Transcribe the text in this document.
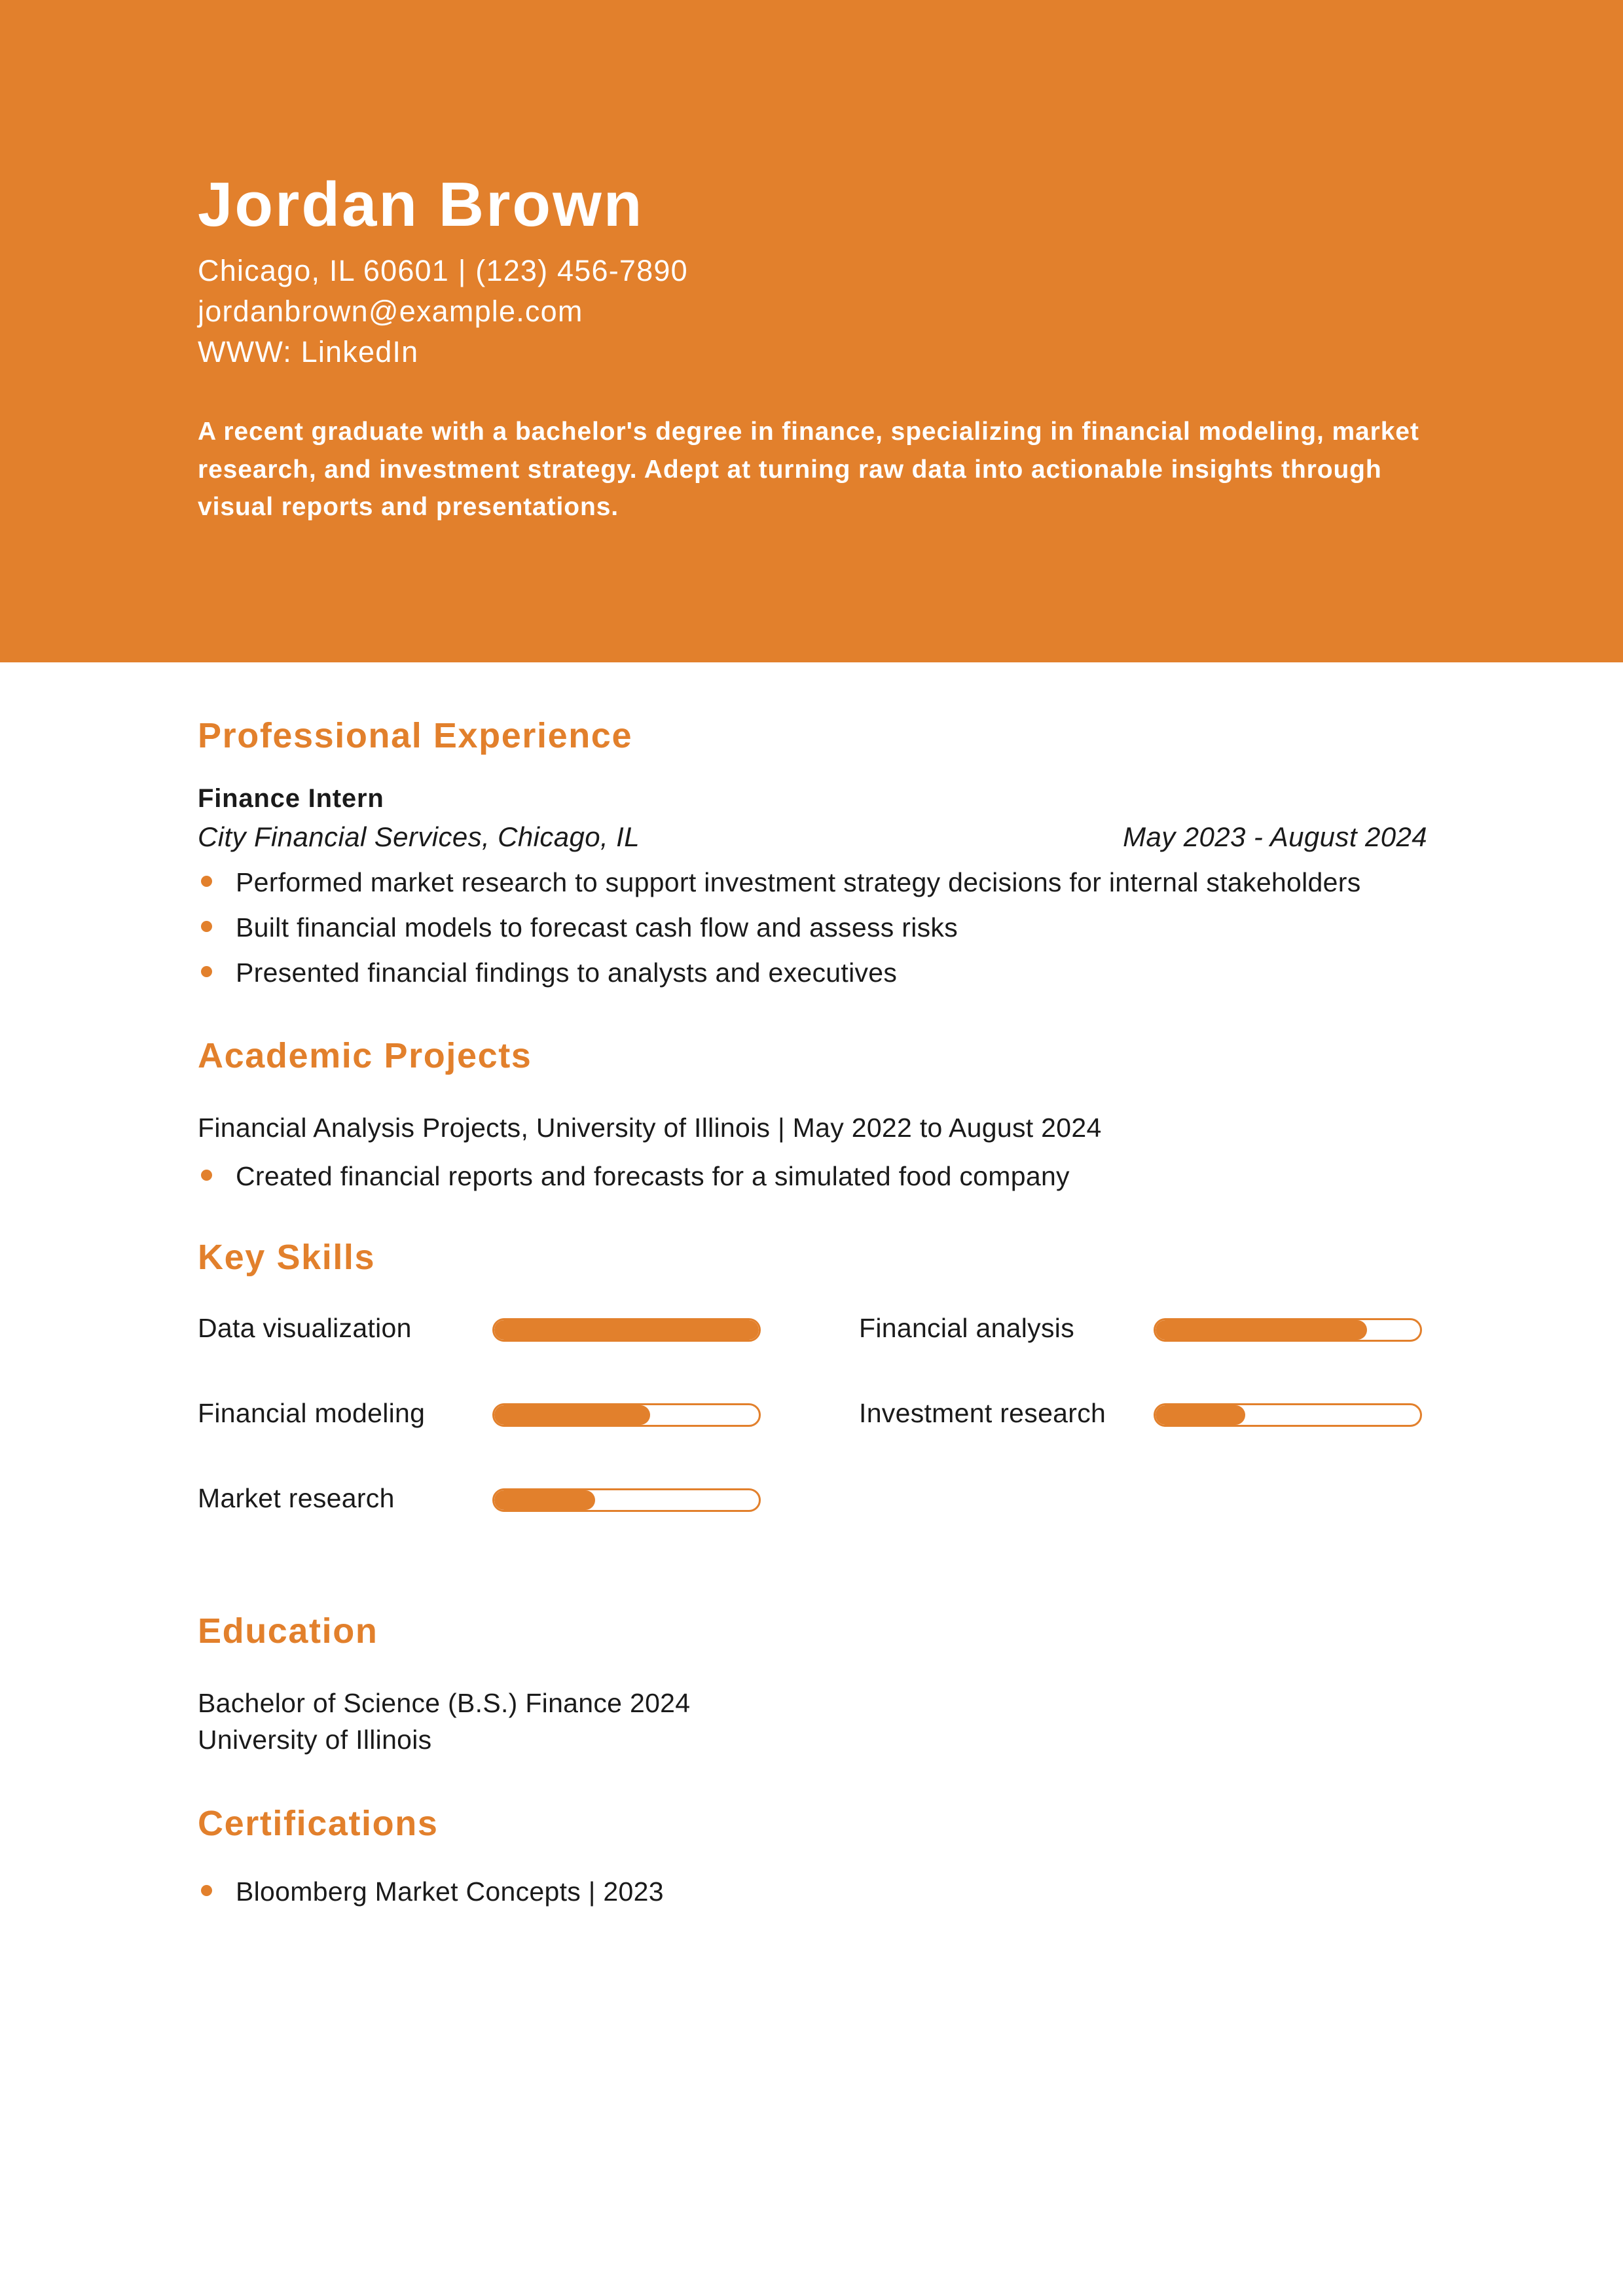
Jordan Brown
Chicago, IL 60601 | (123) 456-7890
jordanbrown@example.com
WWW: LinkedIn
A recent graduate with a bachelor's degree in finance, specializing in financial modeling, market research, and investment strategy. Adept at turning raw data into actionable insights through visual reports and presentations.
Professional Experience
Finance Intern
City Financial Services, Chicago, IL	May 2023 - August 2024
Performed market research to support investment strategy decisions for internal stakeholders
Built financial models to forecast cash flow and assess risks
Presented financial findings to analysts and executives
Academic Projects
Financial Analysis Projects, University of Illinois | May 2022 to August 2024
Created financial reports and forecasts for a simulated food company
Key Skills
Data visualization	Financial analysis
Financial modeling	Investment research
Market research
Education
Bachelor of Science (B.S.) Finance 2024
University of Illinois
Certifications
Bloomberg Market Concepts | 2023
